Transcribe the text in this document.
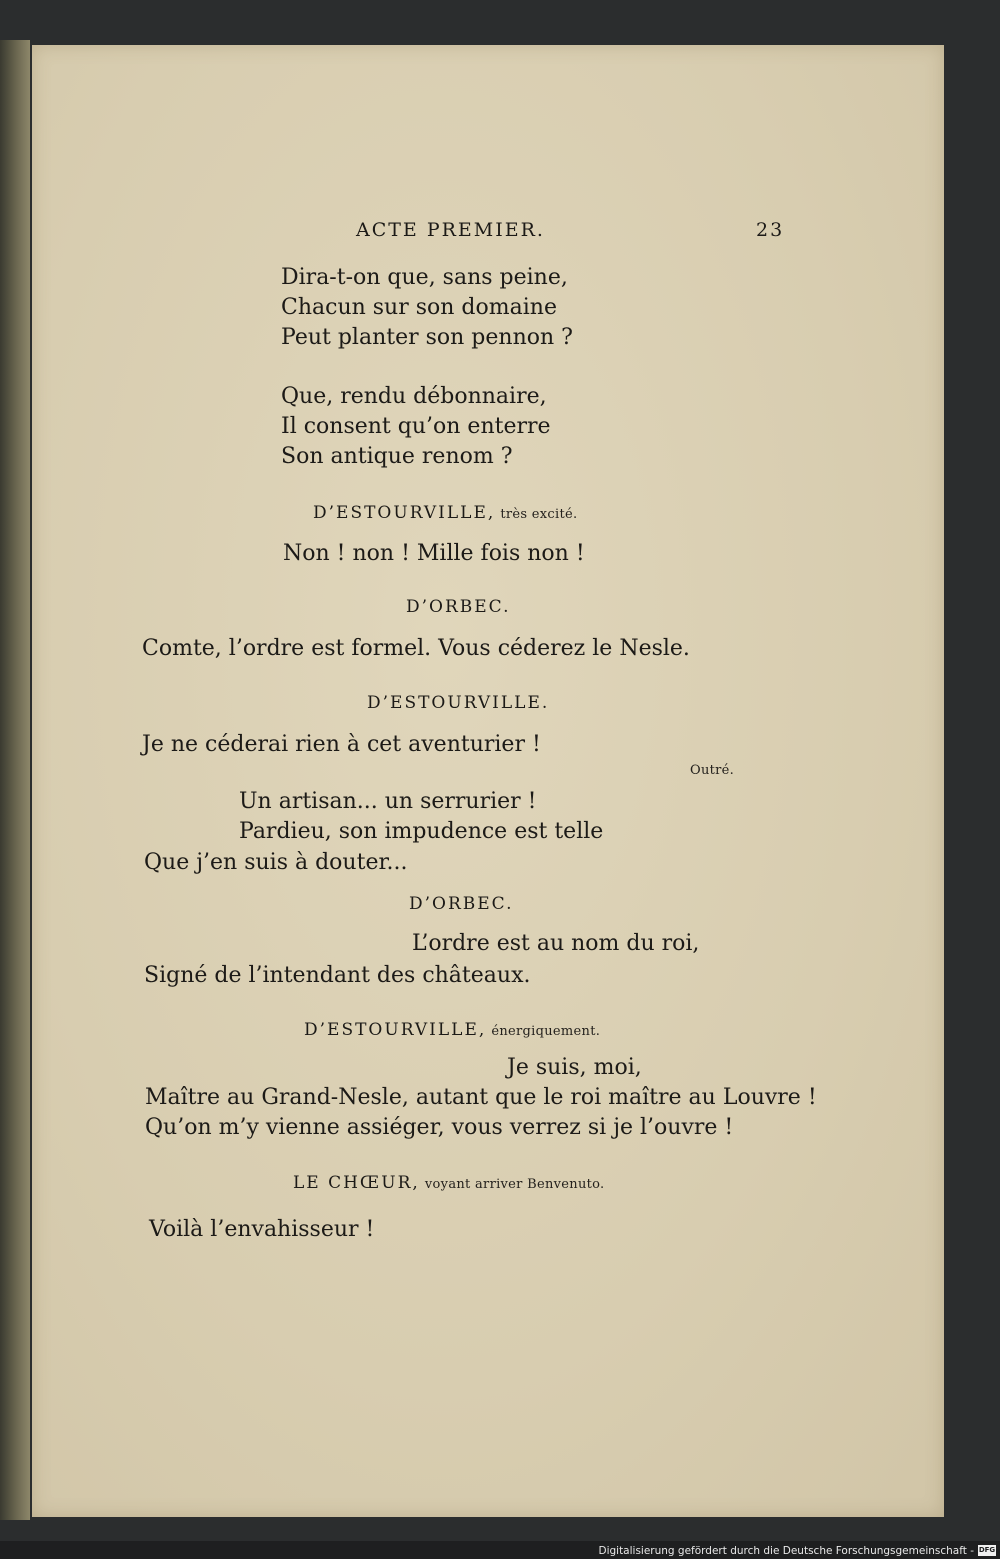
ACTE PREMIER.	23
Dira-t-on que, sans peine,
Chacun sur son domaine
Peut planter son pennon ?
Que, rendu débonnaire,
Il consent qu’on enterre
Son antique renom ?
D’ESTOURVILLE, très excité.
Non ! non ! Mille fois non !
D’ORBEC.
Comte, l’ordre est formel. Vous céderez le Nesle.
D’ESTOURVILLE.
Je ne céderai rien à cet aventurier !
Outré.
Un artisan... un serrurier !
Pardieu, son impudence est telle
Que j’en suis à douter...
D’ORBEC.
L’ordre est au nom du roi,
Signé de l’intendant des châteaux.
D’ESTOURVILLE, énergiquement.
Je suis, moi,
Maître au Grand-Nesle, autant que le roi maître au Louvre !
Qu’on m’y vienne assiéger, vous verrez si je l’ouvre !
LE CHŒUR, voyant arriver Benvenuto.
Voilà l’envahisseur !
Digitalisierung gefördert durch die Deutsche Forschungsgemeinschaft - DFG
